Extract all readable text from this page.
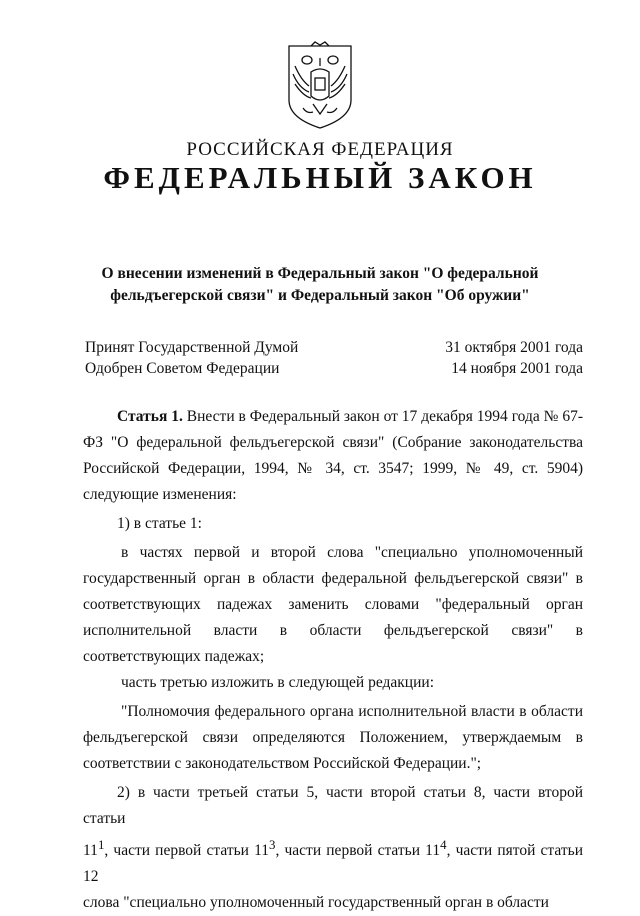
РОССИЙСКАЯ ФЕДЕРАЦИЯ
ФЕДЕРАЛЬНЫЙ ЗАКОН
О внесении изменений в Федеральный закон "О федеральной
фельдъегерской связи" и Федеральный закон "Об оружии"
Принят Государственной Думой	31 октября 2001 года
Одобрен Советом Федерации	14 ноября 2001 года

Статья 1. Внести в Федеральный закон от 17 декабря 1994 года № 67-ФЗ "О федеральной фельдъегерской связи" (Собрание законодательства Российской Федерации, 1994, № 34, ст. 3547; 1999, № 49, ст. 5904) следующие изменения:

1) в статье 1:

в частях первой и второй слова "специально уполномоченный государственный орган в области федеральной фельдъегерской связи" в соответствующих падежах заменить словами "федеральный орган исполнительной власти в области фельдъегерской связи" в соответствующих падежах;

часть третью изложить в следующей редакции:

"Полномочия федерального органа исполнительной власти в области фельдъегерской связи определяются Положением, утверждаемым в соответствии с законодательством Российской Федерации.";

2) в части третьей статьи 5, части второй статьи 8, части второй статьи

$11^1$, части первой статьи $11^3$, части первой статьи $11^4$, части пятой статьи 12

слова "специально уполномоченный государственный орган в области
